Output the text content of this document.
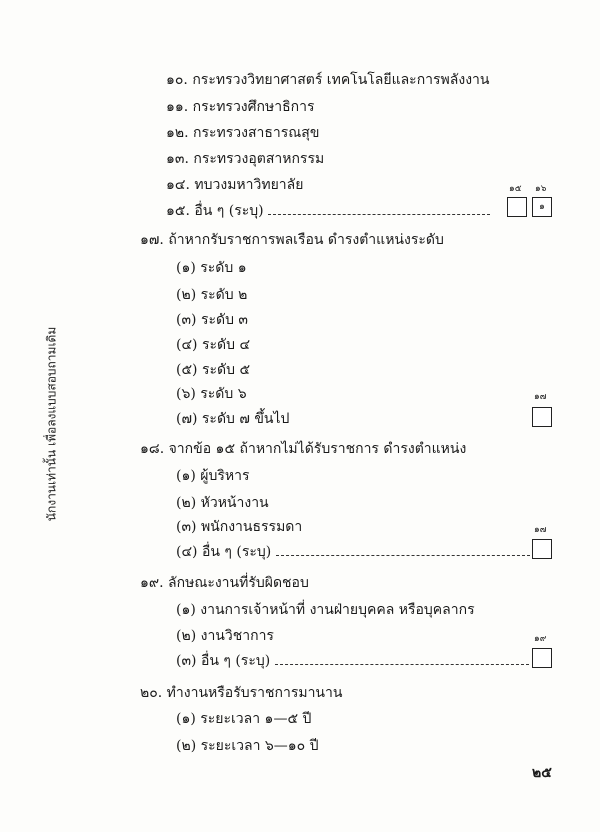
นักงานเท่านั้น เพื่อลงแบบสอบถามเดิม
๑๐. กระทรวงวิทยาศาสตร์ เทคโนโลยีและการพลังงาน
๑๑. กระทรวงศึกษาธิการ
๑๒. กระทรวงสาธารณสุข
๑๓. กระทรวงอุตสาหกรรม
๑๔. ทบวงมหาวิทยาลัย
๑๕. อื่น ๆ (ระบุ)
๑๕ ๑๖
๑
๑๗. ถ้าหากรับราชการพลเรือน ดำรงตำแหน่งระดับ
(๑) ระดับ ๑
(๒) ระดับ ๒
(๓) ระดับ ๓
(๔) ระดับ ๔
(๕) ระดับ ๕
(๖) ระดับ ๖
(๗) ระดับ ๗ ขึ้นไป
๑๗
๑๘. จากข้อ ๑๕ ถ้าหากไม่ได้รับราชการ ดำรงตำแหน่ง
(๑) ผู้บริหาร
(๒) หัวหน้างาน
(๓) พนักงานธรรมดา
(๔) อื่น ๆ (ระบุ)
๑๗
๑๙. ลักษณะงานที่รับผิดชอบ
(๑) งานการเจ้าหน้าที่ งานฝ่ายบุคคล หรือบุคลากร
(๒) งานวิชาการ
(๓) อื่น ๆ (ระบุ)
๑๙
๒๐. ทำงานหรือรับราชการมานาน
(๑) ระยะเวลา ๑—๕ ปี
(๒) ระยะเวลา ๖—๑๐ ปี
๒๕
